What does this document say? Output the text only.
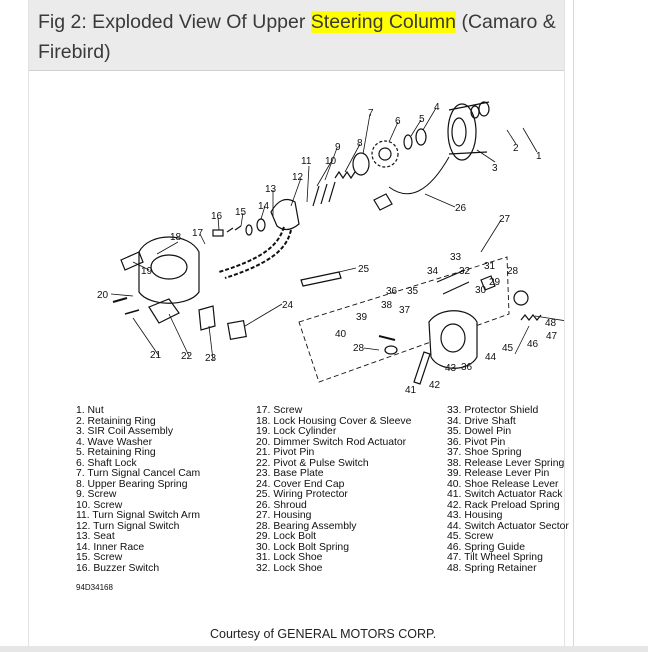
Fig 2: Exploded View Of Upper Steering Column (Camaro & Firebird)
1
2
3
4
5
6
7
8
9
10
11
12
13
14
15
16
17
18
19
20
21 22 23
24
25
26
27
28
28
29
30
31
32
33
34
35
36
36
37
38
39
40
41 42
43
44
45 46
47
48
1. Nut
2. Retaining Ring
3. SIR Coil Assembly
4. Wave Washer
5. Retaining Ring
6. Shaft Lock
7. Turn Signal Cancel Cam
8. Upper Bearing Spring
9. Screw
10. Screw
11. Turn Signal Switch Arm
12. Turn Signal Switch
13. Seat
14. Inner Race
15. Screw
16. Buzzer Switch
17. Screw
18. Lock Housing Cover & Sleeve
19. Lock Cylinder
20. Dimmer Switch Rod Actuator
21. Pivot Pin
22. Pivot & Pulse Switch
23. Base Plate
24. Cover End Cap
25. Wiring Protector
26. Shroud
27. Housing
28. Bearing Assembly
29. Lock Bolt
30. Lock Bolt Spring
31. Lock Shoe
32. Lock Shoe
33. Protector Shield
34. Drive Shaft
35. Dowel Pin
36. Pivot Pin
37. Shoe Spring
38. Release Lever Spring
39. Release Lever Pin
40. Shoe Release Lever
41. Switch Actuator Rack
42. Rack Preload Spring
43. Housing
44. Switch Actuator Sector
45. Screw
46. Spring Guide
47. Tilt Wheel Spring
48. Spring Retainer
94D34168
Courtesy of GENERAL MOTORS CORP.
